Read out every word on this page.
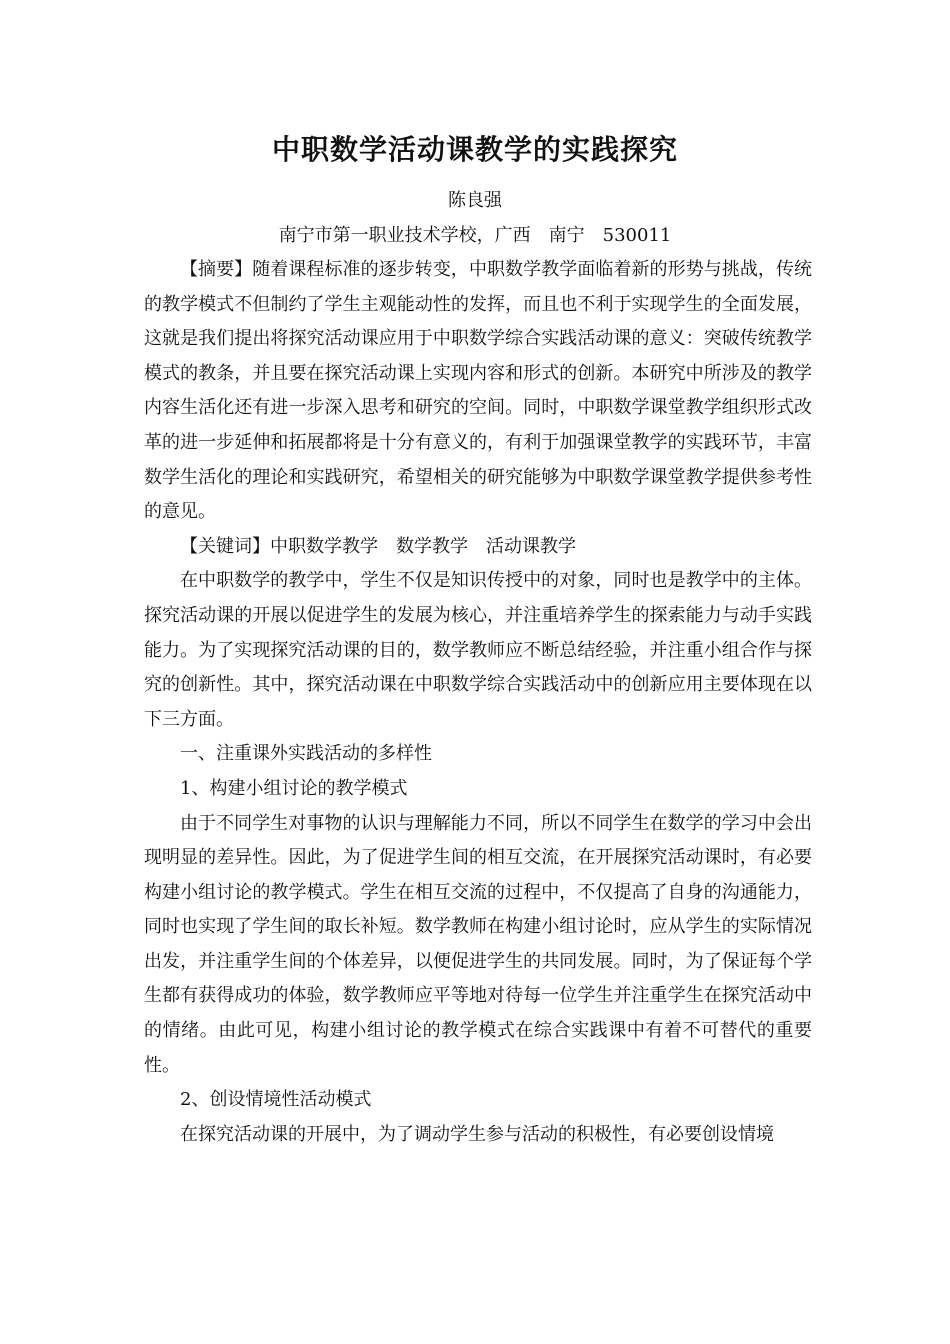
中职数学活动课教学的实践探究
陈良强
南宁市第一职业技术学校，广西　南宁　530011

【摘要】随着课程标准的逐步转变，中职数学教学面临着新的形势与挑战，传统的教学模式不但制约了学生主观能动性的发挥，而且也不利于实现学生的全面发展，这就是我们提出将探究活动课应用于中职数学综合实践活动课的意义：突破传统教学模式的教条，并且要在探究活动课上实现内容和形式的创新。本研究中所涉及的教学内容生活化还有进一步深入思考和研究的空间。同时，中职数学课堂教学组织形式改革的进一步延伸和拓展都将是十分有意义的，有利于加强课堂教学的实践环节，丰富数学生活化的理论和实践研究，希望相关的研究能够为中职数学课堂教学提供参考性的意见。

【关键词】中职数学教学　数学教学　活动课教学

在中职数学的教学中，学生不仅是知识传授中的对象，同时也是教学中的主体。探究活动课的开展以促进学生的发展为核心，并注重培养学生的探索能力与动手实践能力。为了实现探究活动课的目的，数学教师应不断总结经验，并注重小组合作与探究的创新性。其中，探究活动课在中职数学综合实践活动中的创新应用主要体现在以下三方面。

一、注重课外实践活动的多样性

1、构建小组讨论的教学模式

由于不同学生对事物的认识与理解能力不同，所以不同学生在数学的学习中会出现明显的差异性。因此，为了促进学生间的相互交流，在开展探究活动课时，有必要构建小组讨论的教学模式。学生在相互交流的过程中，不仅提高了自身的沟通能力，同时也实现了学生间的取长补短。数学教师在构建小组讨论时，应从学生的实际情况出发，并注重学生间的个体差异，以便促进学生的共同发展。同时，为了保证每个学生都有获得成功的体验，数学教师应平等地对待每一位学生并注重学生在探究活动中的情绪。由此可见，构建小组讨论的教学模式在综合实践课中有着不可替代的重要性。

2、创设情境性活动模式

在探究活动课的开展中，为了调动学生参与活动的积极性，有必要创设情境
